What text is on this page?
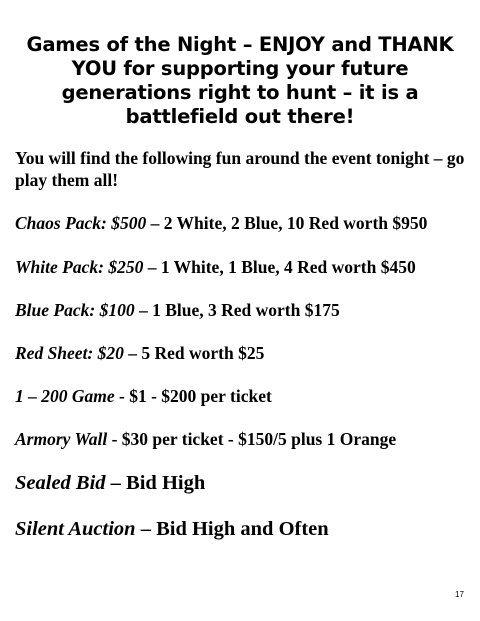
Games of the Night – ENJOY and THANK YOU for supporting your future generations right to hunt – it is a battlefield out there!
You will find the following fun around the event tonight – go play them all!
Chaos Pack: $500 – 2 White, 2 Blue, 10 Red worth $950
White Pack: $250 – 1 White, 1 Blue, 4 Red worth $450
Blue Pack: $100 – 1 Blue, 3 Red worth $175
Red Sheet: $20 – 5 Red worth $25
1 – 200 Game - $1 - $200 per ticket
Armory Wall - $30 per ticket - $150/5 plus 1 Orange
Sealed Bid – Bid High
Silent Auction – Bid High and Often
17
